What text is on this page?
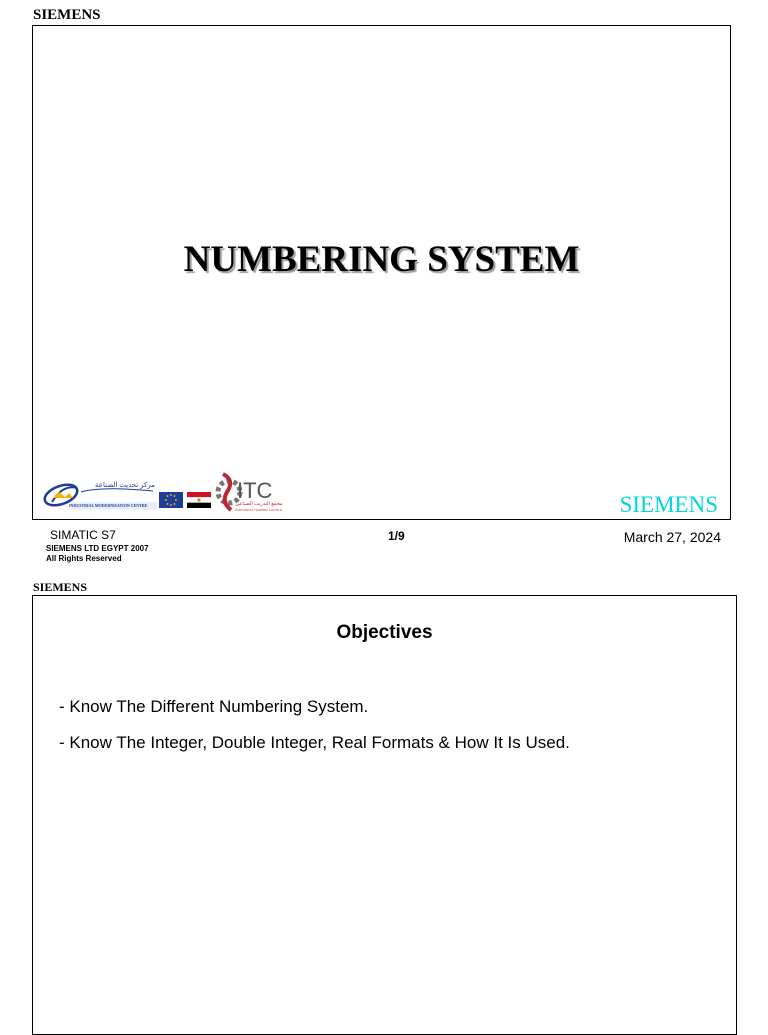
SIEMENS
NUMBERING SYSTEM
مركز تحديث الصناعة
INDUSTRIAL MODERNISATION CENTRE
ITC
مجمع التدريب الصناعي
INDUSTRIAL TRAINING COUNCIL	SIEMENS
SIMATIC S7
SIEMENS LTD EGYPT 2007
All Rights Reserved
1/9	March 27, 2024
SIEMENS
Objectives
- Know The Different Numbering System.
- Know The Integer, Double Integer, Real Formats & How It Is Used.
